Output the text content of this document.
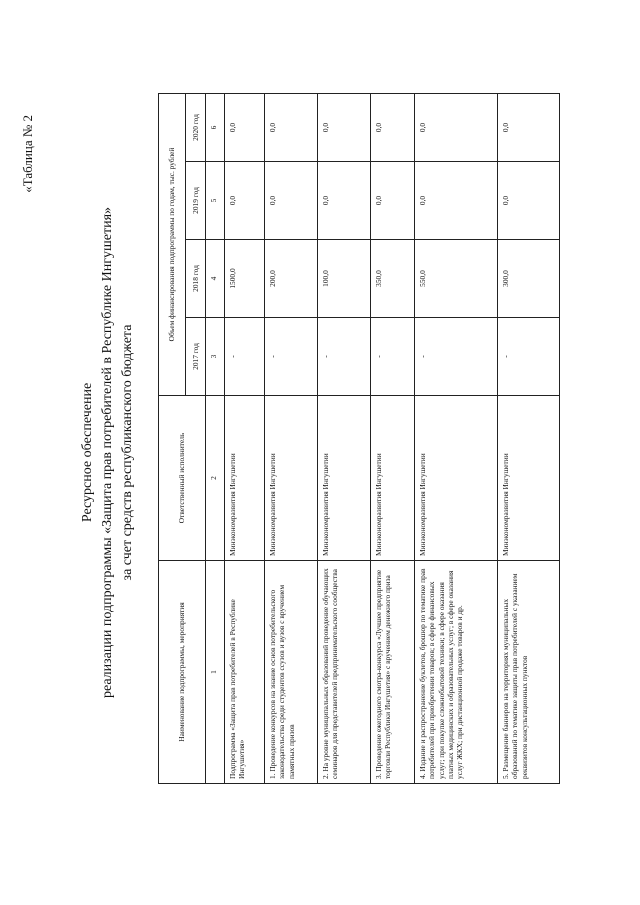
«Таблица № 2
Ресурсное обеспечение реализации подпрограммы «Защита прав потребителей в Республике Ингушетия» за счет средств республиканского бюджета
Наименование подпрограммы, мероприятия	Ответственный исполнитель	Объем финансирования подпрограммы по годам, тыс. рублей			
		2017 год	2018 год	2019 год	2020 год
1	2	3	4	5	6
Подпрограмма «Защита прав потребителей в Республике Ингушетия»	Минэкономразвития Ингушетии	-	1500,0	0,0	0,0
1. Проведение конкурсов на знание основ потребительского законодательства среди студентов ссузов и вузов с вручением памятных призов	Минэкономразвития Ингушетии	-	200,0	0,0	0,0
2. На уровне муниципальных образований проведение обучающих семинаров для представителей предпринимательского сообщества	Минэкономразвития Ингушетии	-	100,0	0,0	0,0
3. Проведение ежегодного смотра-конкурса «Лучшее предприятие торговли Республики Ингушетия» с вручением денежного приза	Минэкономразвития Ингушетии	-	350,0	0,0	0,0
4. Издание и распространение буклетов, брошюр по тематике прав потребителей при приобретении товаров; в сфере финансовых услуг; при покупке сложнобытовой техники; в сфере оказания платных медицинских и образовательных услуг; в сфере оказания услуг ЖКХ; при дистанционной продаже товаров и др.	Минэкономразвития Ингушетии	-	550,0	0,0	0,0
5. Размещение баннеров на территориях муниципальных образований по тематике защиты прав потребителей с указанием реквизитов консультационных пунктов	Минэкономразвития Ингушетии	-	300,0	0,0	0,0
